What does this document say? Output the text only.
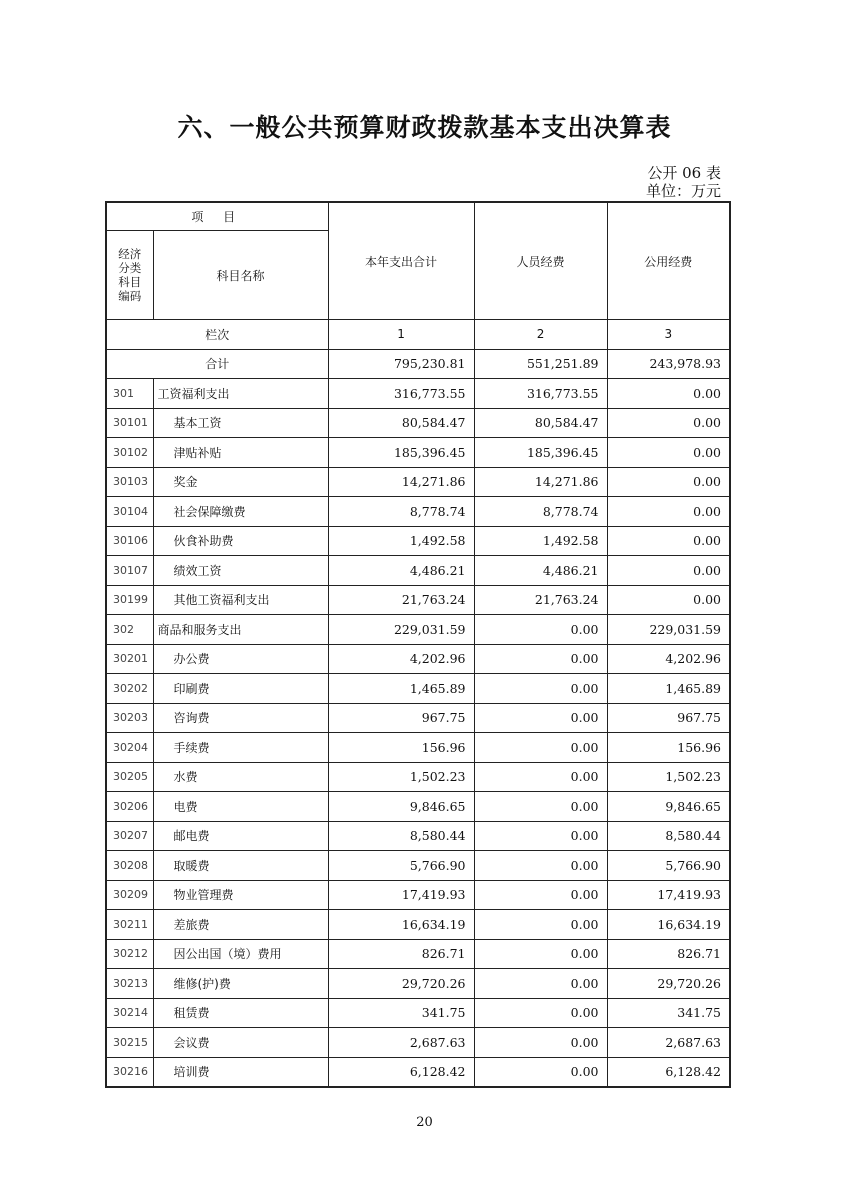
六、一般公共预算财政拨款基本支出决算表
公开 06 表
单位：万元
项 目		本年支出合计	人员经费	公用经费
经济
分类
科目
编码	科目名称			
栏次		1	2	3
合计		795,230.81	551,251.89	243,978.93
301	工资福利支出	316,773.55	316,773.55	0.00
30101	基本工资	80,584.47	80,584.47	0.00
30102	津贴补贴	185,396.45	185,396.45	0.00
30103	奖金	14,271.86	14,271.86	0.00
30104	社会保障缴费	8,778.74	8,778.74	0.00
30106	伙食补助费	1,492.58	1,492.58	0.00
30107	绩效工资	4,486.21	4,486.21	0.00
30199	其他工资福利支出	21,763.24	21,763.24	0.00
302	商品和服务支出	229,031.59	0.00	229,031.59
30201	办公费	4,202.96	0.00	4,202.96
30202	印刷费	1,465.89	0.00	1,465.89
30203	咨询费	967.75	0.00	967.75
30204	手续费	156.96	0.00	156.96
30205	水费	1,502.23	0.00	1,502.23
30206	电费	9,846.65	0.00	9,846.65
30207	邮电费	8,580.44	0.00	8,580.44
30208	取暖费	5,766.90	0.00	5,766.90
30209	物业管理费	17,419.93	0.00	17,419.93
30211	差旅费	16,634.19	0.00	16,634.19
30212	因公出国（境）费用	826.71	0.00	826.71
30213	维修(护)费	29,720.26	0.00	29,720.26
30214	租赁费	341.75	0.00	341.75
30215	会议费	2,687.63	0.00	2,687.63
30216	培训费	6,128.42	0.00	6,128.42
20
